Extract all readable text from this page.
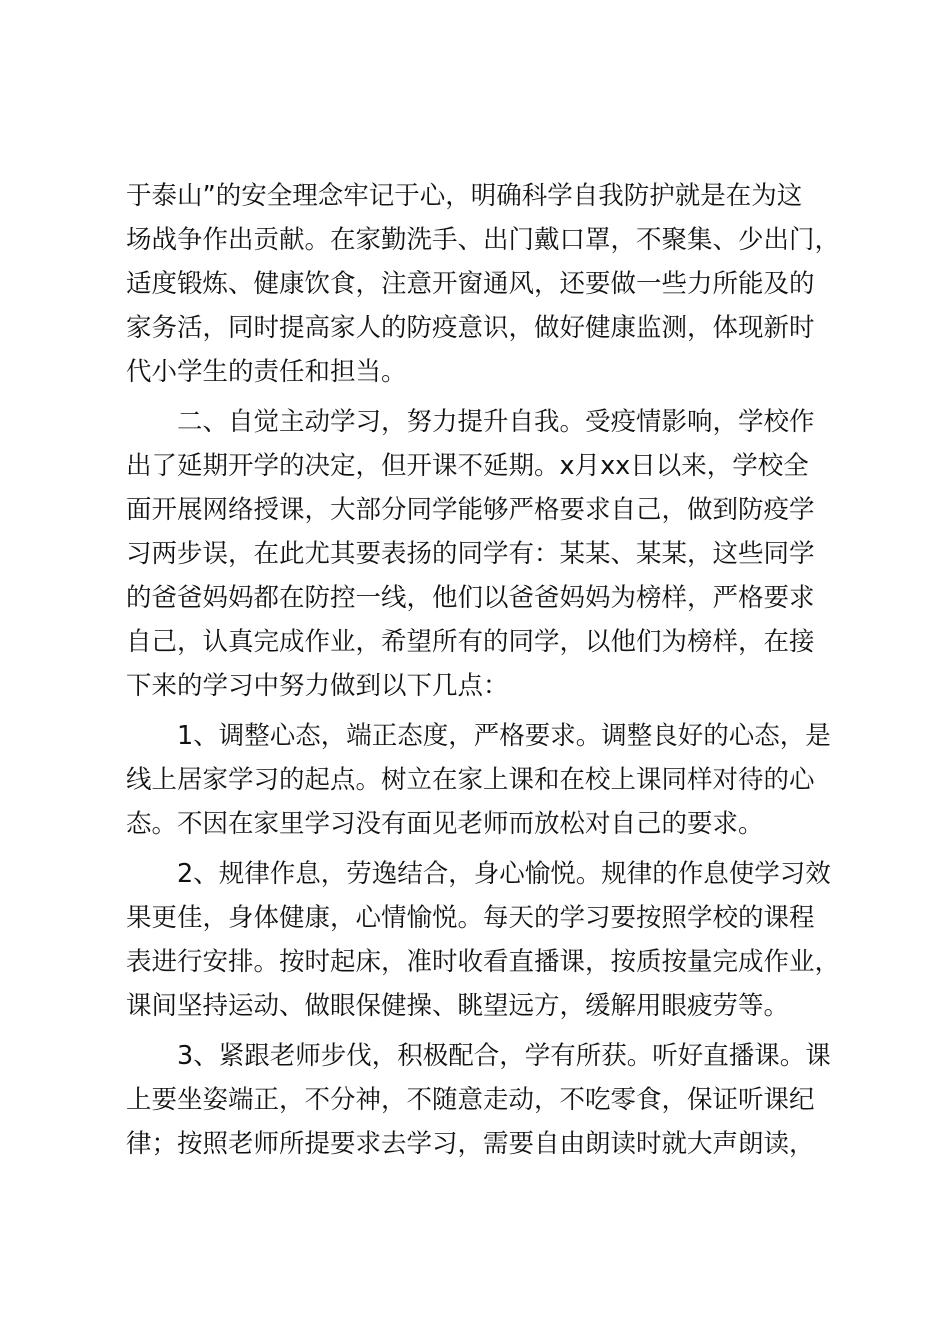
于泰山”的安全理念牢记于心，明确科学自我防护就是在为这
场战争作出贡献。在家勤洗手、出门戴口罩，不聚集、少出门，
适度锻炼、健康饮食，注意开窗通风，还要做一些力所能及的
家务活，同时提高家人的防疫意识，做好健康监测，体现新时
代小学生的责任和担当。
　　二、自觉主动学习，努力提升自我。受疫情影响，学校作
出了延期开学的决定，但开课不延期。x月xx日以来，学校全
面开展网络授课，大部分同学能够严格要求自己，做到防疫学
习两步误，在此尤其要表扬的同学有：某某、某某，这些同学
的爸爸妈妈都在防控一线，他们以爸爸妈妈为榜样，严格要求
自己，认真完成作业，希望所有的同学，以他们为榜样，在接
下来的学习中努力做到以下几点：
　　1、调整心态，端正态度，严格要求。调整良好的心态，是
线上居家学习的起点。树立在家上课和在校上课同样对待的心
态。不因在家里学习没有面见老师而放松对自己的要求。
　　2、规律作息，劳逸结合，身心愉悦。规律的作息使学习效
果更佳，身体健康，心情愉悦。每天的学习要按照学校的课程
表进行安排。按时起床，准时收看直播课，按质按量完成作业，
课间坚持运动、做眼保健操、眺望远方，缓解用眼疲劳等。
　　3、紧跟老师步伐，积极配合，学有所获。听好直播课。课
上要坐姿端正，不分神，不随意走动，不吃零食，保证听课纪
律；按照老师所提要求去学习，需要自由朗读时就大声朗读，
